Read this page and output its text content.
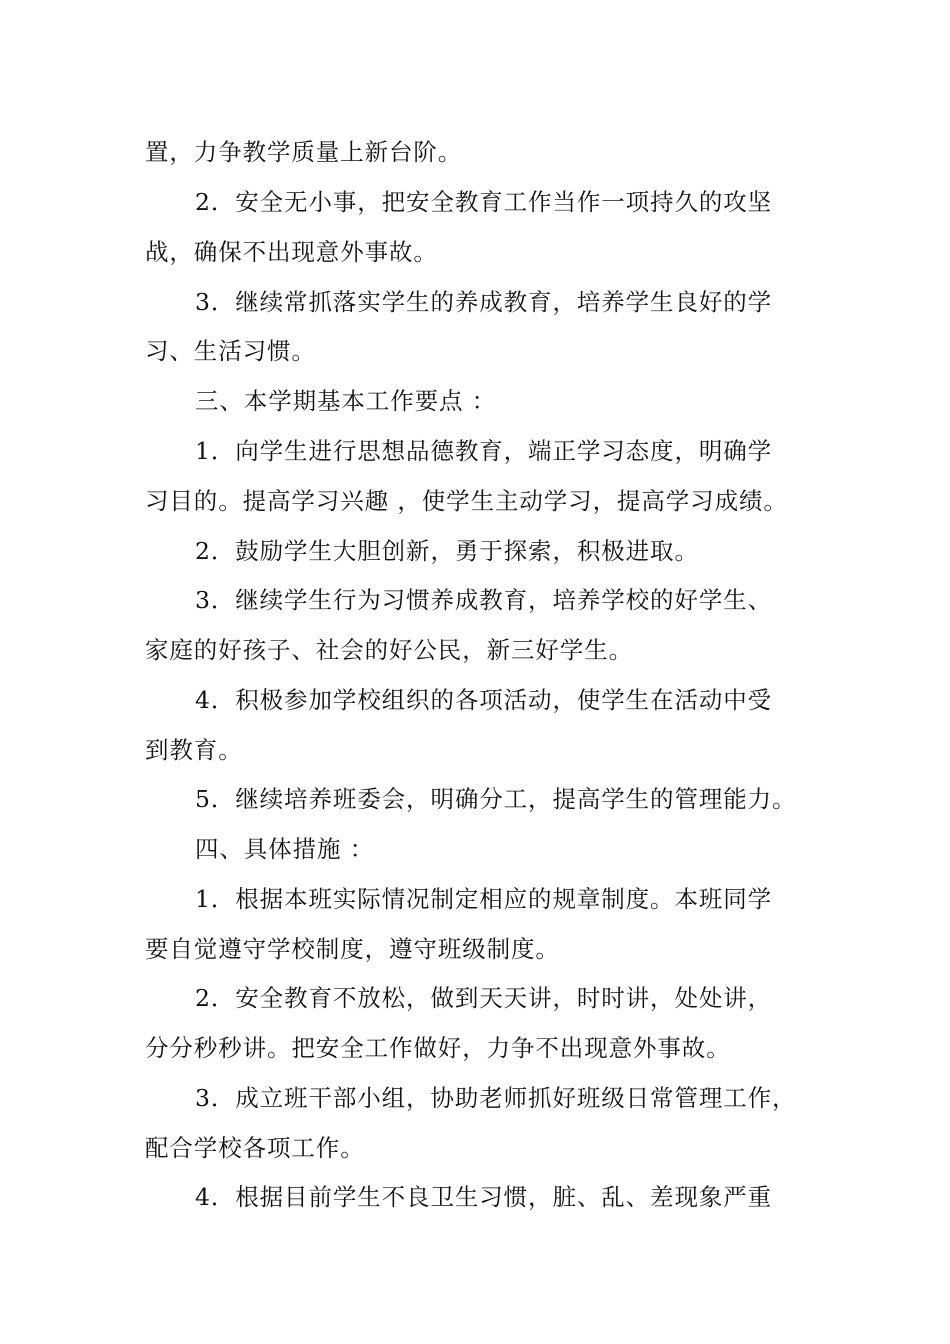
置，力争教学质量上新台阶。
2．安全无小事，把安全教育工作当作一项持久的攻坚
战，确保不出现意外事故。
3．继续常抓落实学生的养成教育，培养学生良好的学
习、生活习惯。
三、本学期基本工作要点 ：
1．向学生进行思想品德教育，端正学习态度，明确学
习目的。提高学习兴趣 ，使学生主动学习，提高学习成绩。
2．鼓励学生大胆创新，勇于探索，积极进取。
3．继续学生行为习惯养成教育，培养学校的好学生、
家庭的好孩子、社会的好公民，新三好学生。
4．积极参加学校组织的各项活动，使学生在活动中受
到教育。
5．继续培养班委会，明确分工，提高学生的管理能力。
四、具体措施 ：
1．根据本班实际情况制定相应的规章制度。本班同学
要自觉遵守学校制度，遵守班级制度。
2．安全教育不放松，做到天天讲，时时讲，处处讲，
分分秒秒讲。把安全工作做好，力争不出现意外事故。
3．成立班干部小组，协助老师抓好班级日常管理工作，
配合学校各项工作。
4．根据目前学生不良卫生习惯，脏、乱、差现象严重
